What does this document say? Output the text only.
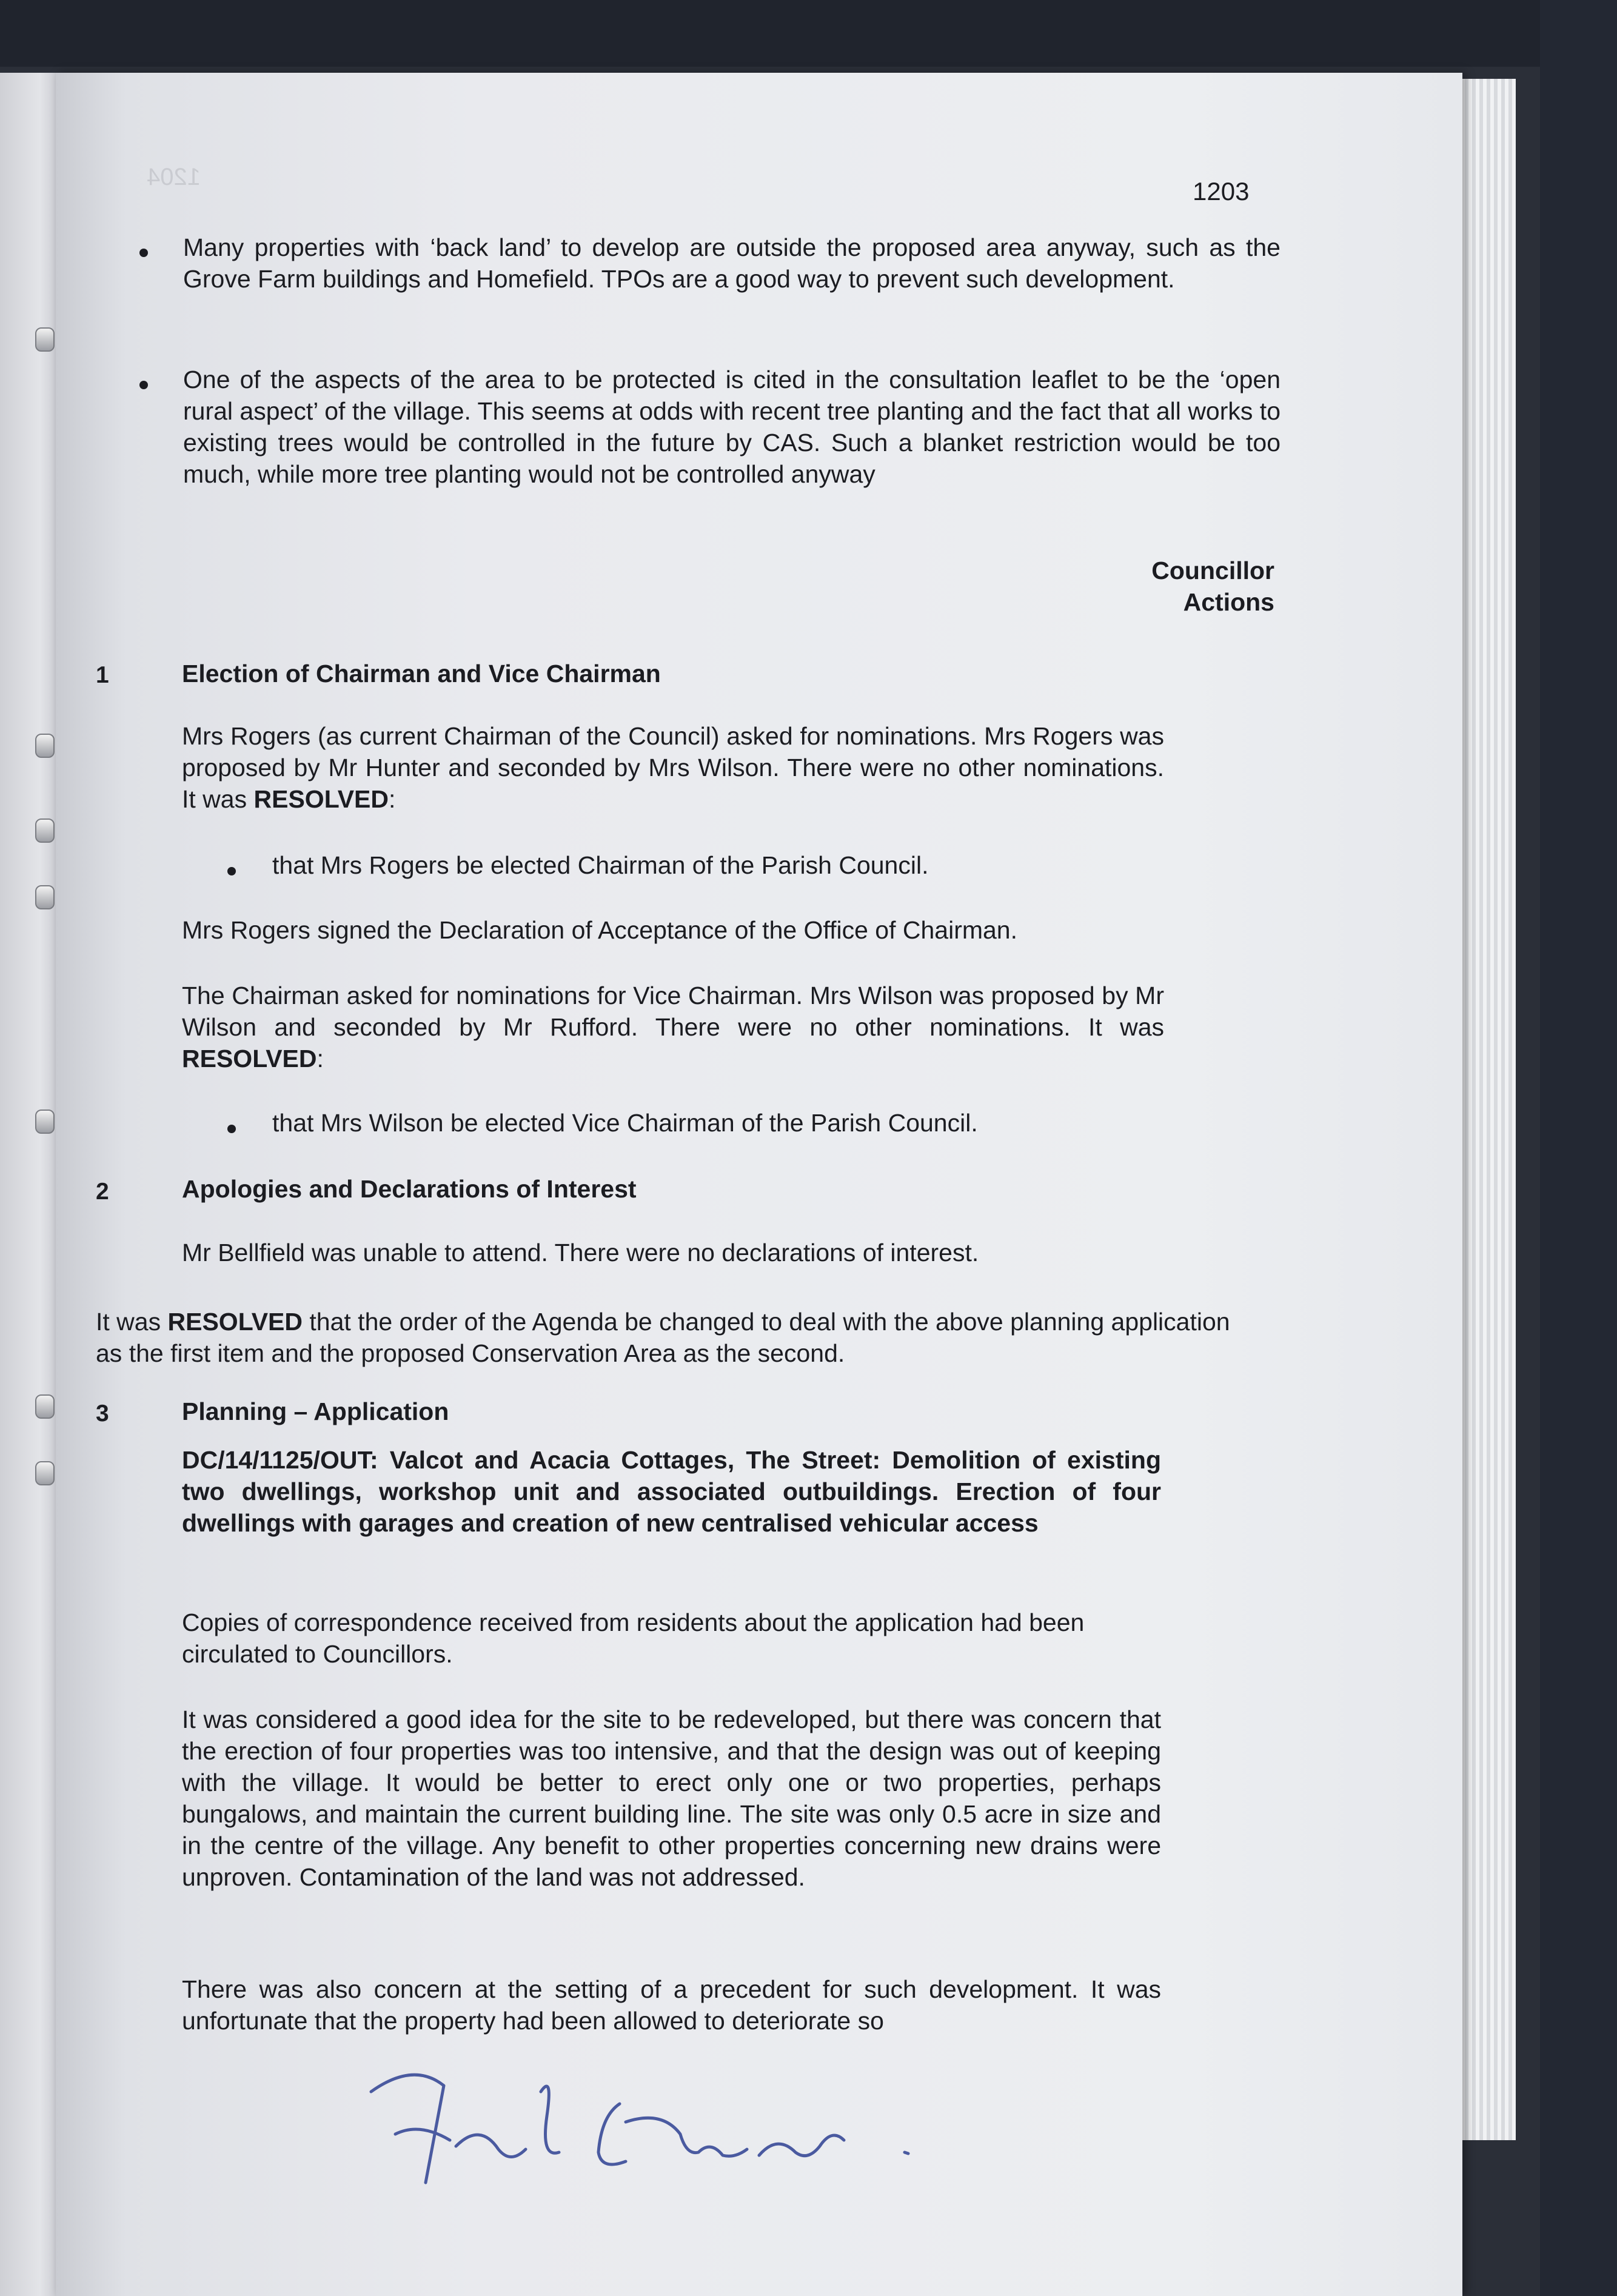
1204	1203

Many properties with ‘back land’ to develop are outside the proposed area anyway, such as the Grove Farm buildings and Homefield. TPOs are a good way to prevent such development.

One of the aspects of the area to be protected is cited in the consultation leaflet to be the ‘open rural aspect’ of the village. This seems at odds with recent tree planting and the fact that all works to existing trees would be controlled in the future by CAS. Such a blanket restriction would be too much, while more tree planting would not be controlled anyway

Councillor
Actions
1	Election of Chairman and Vice Chairman

Mrs Rogers (as current Chairman of the Council) asked for nominations. Mrs Rogers was proposed by Mr Hunter and seconded by Mrs Wilson. There were no other nominations. It was RESOLVED:

that Mrs Rogers be elected Chairman of the Parish Council.

Mrs Rogers signed the Declaration of Acceptance of the Office of Chairman.

The Chairman asked for nominations for Vice Chairman. Mrs Wilson was proposed by Mr Wilson and seconded by Mr Rufford. There were no other nominations. It was RESOLVED:

that Mrs Wilson be elected Vice Chairman of the Parish Council.

2	Apologies and Declarations of Interest

Mr Bellfield was unable to attend. There were no declarations of interest.

It was RESOLVED that the order of the Agenda be changed to deal with the above planning application as the first item and the proposed Conservation Area as the second.

3	Planning – Application

DC/14/1125/OUT: Valcot and Acacia Cottages, The Street: Demolition of existing two dwellings, workshop unit and associated outbuildings. Erection of four dwellings with garages and creation of new centralised vehicular access

Copies of correspondence received from residents about the application had been circulated to Councillors.

It was considered a good idea for the site to be redeveloped, but there was concern that the erection of four properties was too intensive, and that the design was out of keeping with the village. It would be better to erect only one or two properties, perhaps bungalows, and maintain the current building line. The site was only 0.5 acre in size and in the centre of the village. Any benefit to other properties concerning new drains were unproven. Contamination of the land was not addressed.

There was also concern at the setting of a precedent for such development. It was unfortunate that the property had been allowed to deteriorate so
